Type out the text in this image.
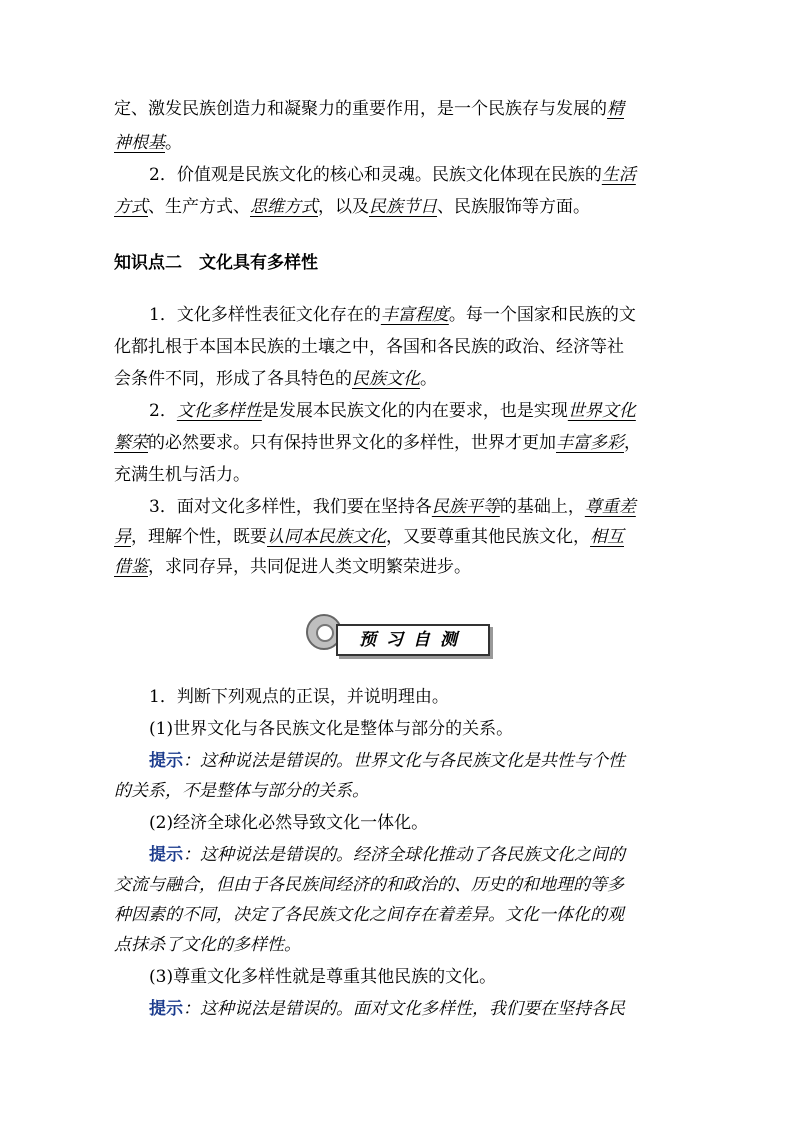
定、激发民族创造力和凝聚力的重要作用，是一个民族存与发展的精
神根基。
2．价值观是民族文化的核心和灵魂。民族文化体现在民族的生活
方式、生产方式、思维方式，以及民族节日、民族服饰等方面。
知识点二　文化具有多样性
1．文化多样性表征文化存在的丰富程度。每一个国家和民族的文
化都扎根于本国本民族的土壤之中，各国和各民族的政治、经济等社
会条件不同，形成了各具特色的民族文化。
2．文化多样性是发展本民族文化的内在要求，也是实现世界文化
繁荣的必然要求。只有保持世界文化的多样性，世界才更加丰富多彩，
充满生机与活力。
3．面对文化多样性，我们要在坚持各民族平等的基础上，尊重差
异，理解个性，既要认同本民族文化，又要尊重其他民族文化，相互
借鉴，求同存异，共同促进人类文明繁荣进步。
预习自测
1．判断下列观点的正误，并说明理由。
(1)世界文化与各民族文化是整体与部分的关系。
提示：这种说法是错误的。世界文化与各民族文化是共性与个性
的关系，不是整体与部分的关系。
(2)经济全球化必然导致文化一体化。
提示：这种说法是错误的。经济全球化推动了各民族文化之间的
交流与融合，但由于各民族间经济的和政治的、历史的和地理的等多
种因素的不同，决定了各民族文化之间存在着差异。文化一体化的观
点抹杀了文化的多样性。
(3)尊重文化多样性就是尊重其他民族的文化。
提示：这种说法是错误的。面对文化多样性，我们要在坚持各民
